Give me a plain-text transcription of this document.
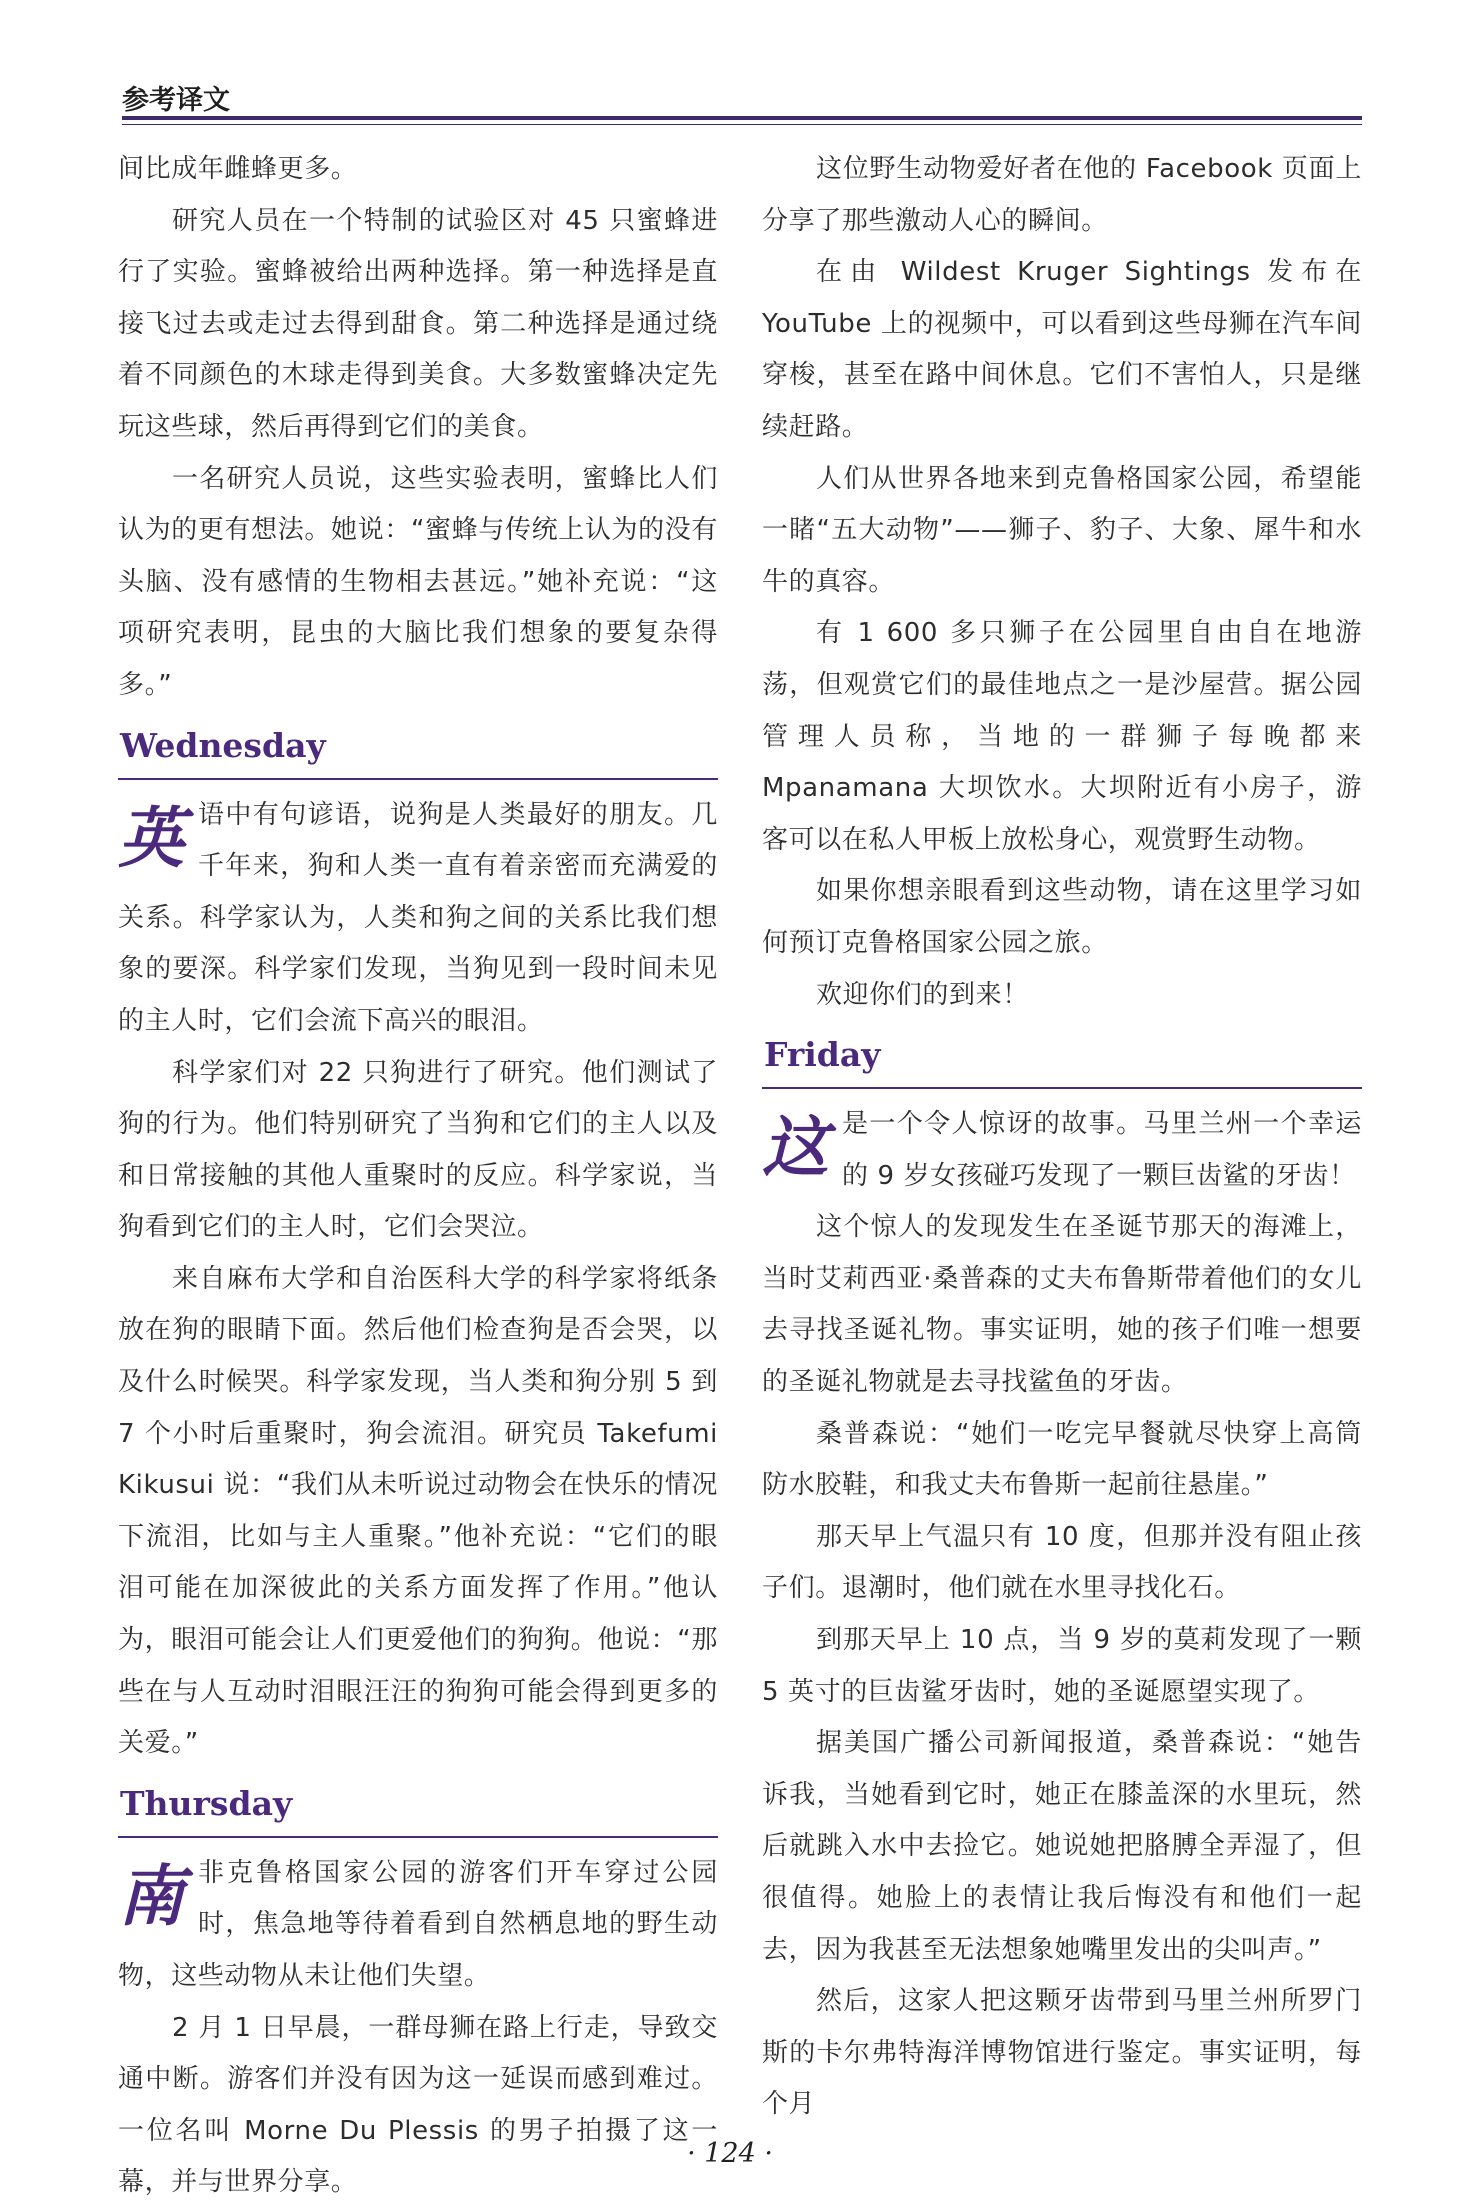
参考译文

间比成年雌蜂更多。

研究人员在一个特制的试验区对 45 只蜜蜂进行了实验。蜜蜂被给出两种选择。第一种选择是直接飞过去或走过去得到甜食。第二种选择是通过绕着不同颜色的木球走得到美食。大多数蜜蜂决定先玩这些球，然后再得到它们的美食。

一名研究人员说，这些实验表明，蜜蜂比人们认为的更有想法。她说：“蜜蜂与传统上认为的没有头脑、没有感情的生物相去甚远。”她补充说：“这项研究表明，昆虫的大脑比我们想象的要复杂得多。”

Wednesday
英 语中有句谚语，说狗是人类最好的朋友。几千年来，狗和人类一直有着亲密而充满爱的关系。科学家认为，人类和狗之间的关系比我们想象的要深。科学家们发现，当狗见到一段时间未见的主人时，它们会流下高兴的眼泪。

科学家们对 22 只狗进行了研究。他们测试了狗的行为。他们特别研究了当狗和它们的主人以及和日常接触的其他人重聚时的反应。科学家说，当狗看到它们的主人时，它们会哭泣。

来自麻布大学和自治医科大学的科学家将纸条放在狗的眼睛下面。然后他们检查狗是否会哭，以及什么时候哭。科学家发现，当人类和狗分别 5 到 7 个小时后重聚时，狗会流泪。研究员 Takefumi Kikusui 说：“我们从未听说过动物会在快乐的情况下流泪，比如与主人重聚。”他补充说：“它们的眼泪可能在加深彼此的关系方面发挥了作用。”他认为，眼泪可能会让人们更爱他们的狗狗。他说：“那些在与人互动时泪眼汪汪的狗狗可能会得到更多的关爱。”

Thursday
南 非克鲁格国家公园的游客们开车穿过公园时，焦急地等待着看到自然栖息地的野生动物，这些动物从未让他们失望。

2 月 1 日早晨，一群母狮在路上行走，导致交通中断。游客们并没有因为这一延误而感到难过。一位名叫 Morne Du Plessis 的男子拍摄了这一幕，并与世界分享。

这位野生动物爱好者在他的 Facebook 页面上分享了那些激动人心的瞬间。

在由 Wildest Kruger Sightings 发布在 YouTube 上的视频中，可以看到这些母狮在汽车间穿梭，甚至在路中间休息。它们不害怕人，只是继续赶路。

人们从世界各地来到克鲁格国家公园，希望能一睹“五大动物”——狮子、豹子、大象、犀牛和水牛的真容。

有 1 600 多只狮子在公园里自由自在地游荡，但观赏它们的最佳地点之一是沙屋营。据公园管理人员称，当地的一群狮子每晚都来 Mpanamana 大坝饮水。大坝附近有小房子，游客可以在私人甲板上放松身心，观赏野生动物。

如果你想亲眼看到这些动物，请在这里学习如何预订克鲁格国家公园之旅。

欢迎你们的到来！

Friday
这 是一个令人惊讶的故事。马里兰州一个幸运的 9 岁女孩碰巧发现了一颗巨齿鲨的牙齿！

这个惊人的发现发生在圣诞节那天的海滩上，当时艾莉西亚·桑普森的丈夫布鲁斯带着他们的女儿去寻找圣诞礼物。事实证明，她的孩子们唯一想要的圣诞礼物就是去寻找鲨鱼的牙齿。

桑普森说：“她们一吃完早餐就尽快穿上高筒防水胶鞋，和我丈夫布鲁斯一起前往悬崖。”

那天早上气温只有 10 度，但那并没有阻止孩子们。退潮时，他们就在水里寻找化石。

到那天早上 10 点，当 9 岁的莫莉发现了一颗 5 英寸的巨齿鲨牙齿时，她的圣诞愿望实现了。

据美国广播公司新闻报道，桑普森说：“她告诉我，当她看到它时，她正在膝盖深的水里玩，然后就跳入水中去捡它。她说她把胳膊全弄湿了，但很值得。她脸上的表情让我后悔没有和他们一起去，因为我甚至无法想象她嘴里发出的尖叫声。”

然后，这家人把这颗牙齿带到马里兰州所罗门斯的卡尔弗特海洋博物馆进行鉴定。事实证明，每个月

· 124 ·
